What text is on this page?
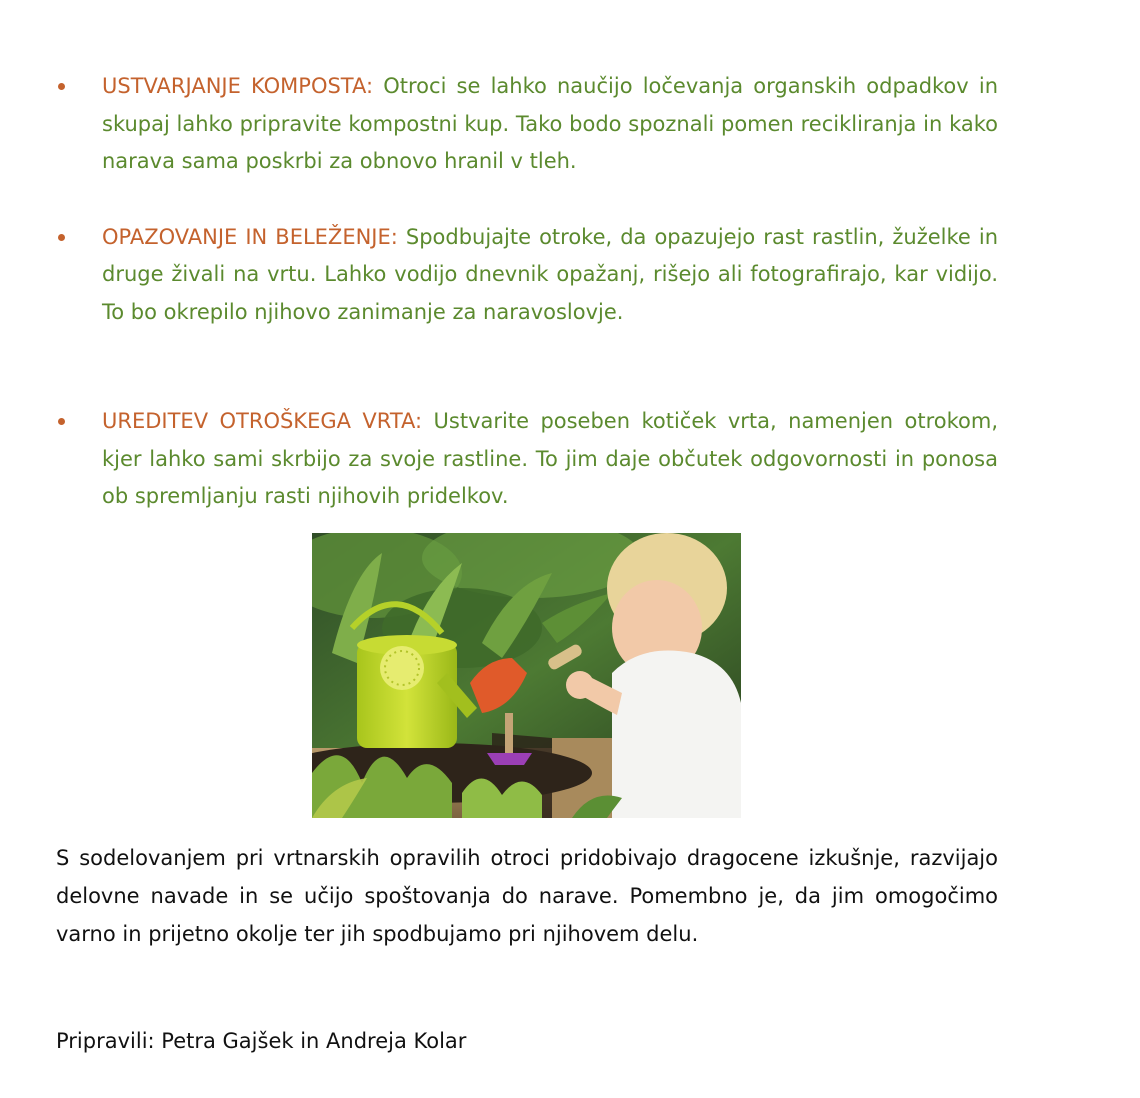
USTVARJANJE KOMPOSTA: Otroci se lahko naučijo ločevanja organskih odpadkov in skupaj lahko pripravite kompostni kup. Tako bodo spoznali pomen recikliranja in kako narava sama poskrbi za obnovo hranil v tleh.
OPAZOVANJE IN BELEŽENJE: Spodbujajte otroke, da opazujejo rast rastlin, žuželke in druge živali na vrtu. Lahko vodijo dnevnik opažanj, rišejo ali fotografirajo, kar vidijo. To bo okrepilo njihovo zanimanje za naravoslovje.
UREDITEV OTROŠKEGA VRTA: Ustvarite poseben kotiček vrta, namenjen otrokom, kjer lahko sami skrbijo za svoje rastline. To jim daje občutek odgovornosti in ponosa ob spremljanju rasti njihovih pridelkov.

S sodelovanjem pri vrtnarskih opravilih otroci pridobivajo dragocene izkušnje, razvijajo delovne navade in se učijo spoštovanja do narave. Pomembno je, da jim omogočimo varno in prijetno okolje ter jih spodbujamo pri njihovem delu.

Pripravili: Petra Gajšek in Andreja Kolar
